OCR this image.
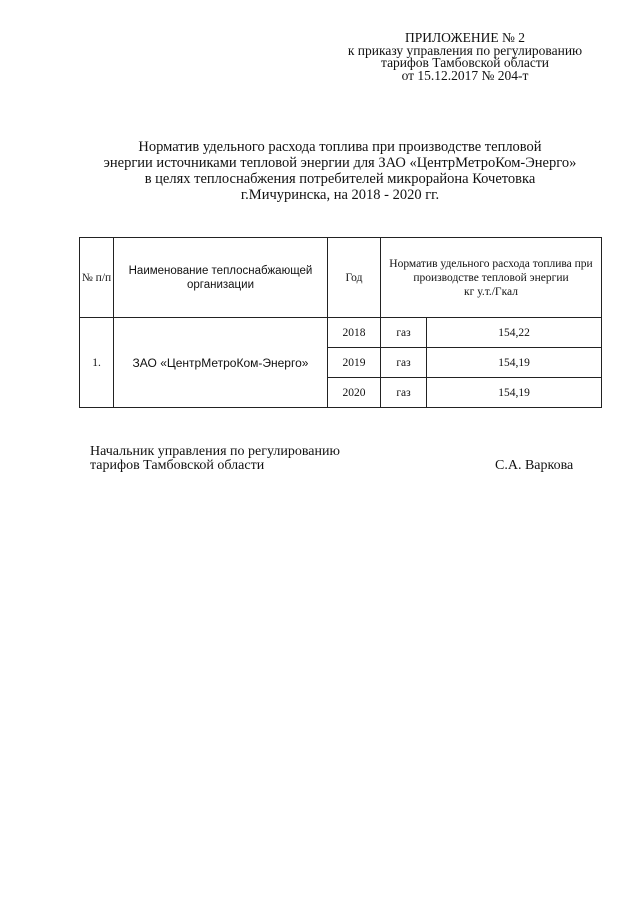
ПРИЛОЖЕНИЕ № 2
к приказу управления по регулированию
тарифов Тамбовской области
от 15.12.2017 № 204-т
Норматив удельного расхода топлива при производстве тепловой
энергии источниками тепловой энергии для ЗАО «ЦентрМетроКом-Энерго»
в целях теплоснабжения потребителей микрорайона Кочетовка
г.Мичуринска, на 2018 - 2020 гг.
№ п/п	Наименование теплоснабжающей организации	Год	Норматив удельного расхода топлива при производстве тепловой энергии
кг у.т./Гкал	

1.	ЗАО «ЦентрМетроКом-Энерго»	2018	газ	154,22
		2019	газ	154,19
		2020	газ	154,19
Начальник управления по регулированию
тарифов Тамбовской области	С.А. Варкова
